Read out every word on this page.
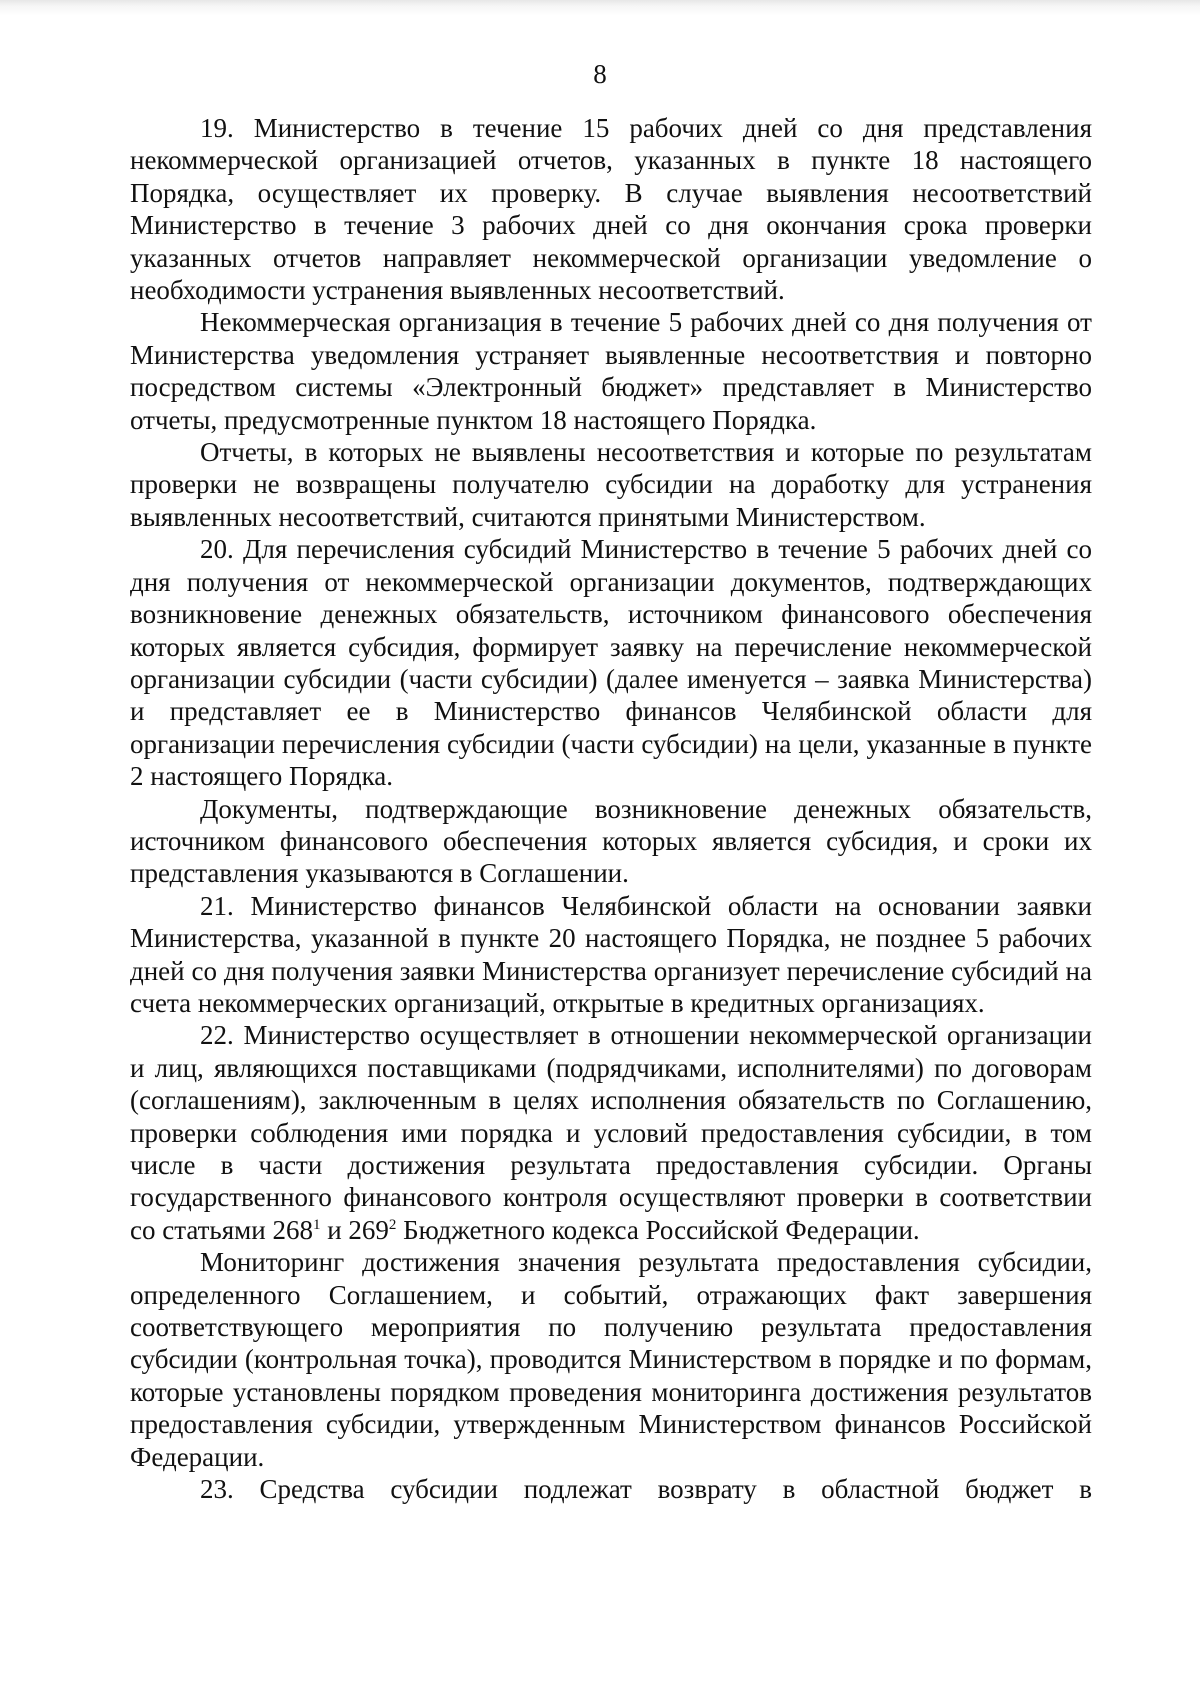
8

19. Министерство в течение 15 рабочих дней со дня представления некоммерческой организацией отчетов, указанных в пункте 18 настоящего Порядка, осуществляет их проверку. В случае выявления несоответствий Министерство в течение 3 рабочих дней со дня окончания срока проверки указанных отчетов направляет некоммерческой организации уведомление о необходимости устранения выявленных несоответствий.

Некоммерческая организация в течение 5 рабочих дней со дня получения от Министерства уведомления устраняет выявленные несоответствия и повторно посредством системы «Электронный бюджет» представляет в Министерство отчеты, предусмотренные пунктом 18 настоящего Порядка.

Отчеты, в которых не выявлены несоответствия и которые по результатам проверки не возвращены получателю субсидии на доработку для устранения выявленных несоответствий, считаются принятыми Министерством.

20. Для перечисления субсидий Министерство в течение 5 рабочих дней со дня получения от некоммерческой организации документов, подтверждающих возникновение денежных обязательств, источником финансового обеспечения которых является субсидия, формирует заявку на перечисление некоммерческой организации субсидии (части субсидии) (далее именуется – заявка Министерства) и представляет ее в Министерство финансов Челябинской области для организации перечисления субсидии (части субсидии) на цели, указанные в пункте 2 настоящего Порядка.

Документы, подтверждающие возникновение денежных обязательств, источником финансового обеспечения которых является субсидия, и сроки их представления указываются в Соглашении.

21. Министерство финансов Челябинской области на основании заявки Министерства, указанной в пункте 20 настоящего Порядка, не позднее 5 рабочих дней со дня получения заявки Министерства организует перечисление субсидий на счета некоммерческих организаций, открытые в кредитных организациях.

22. Министерство осуществляет в отношении некоммерческой организации и лиц, являющихся поставщиками (подрядчиками, исполнителями) по договорам (соглашениям), заключенным в целях исполнения обязательств по Соглашению, проверки соблюдения ими порядка и условий предоставления субсидии, в том числе в части достижения результата предоставления субсидии. Органы государственного финансового контроля осуществляют проверки в соответствии со статьями $268^1$ и $269^2$ Бюджетного кодекса Российской Федерации.

Мониторинг достижения значения результата предоставления субсидии, определенного Соглашением, и событий, отражающих факт завершения соответствующего мероприятия по получению результата предоставления субсидии (контрольная точка), проводится Министерством в порядке и по формам, которые установлены порядком проведения мониторинга достижения результатов предоставления субсидии, утвержденным Министерством финансов Российской Федерации.

23. Средства субсидии подлежат возврату в областной бюджет в
